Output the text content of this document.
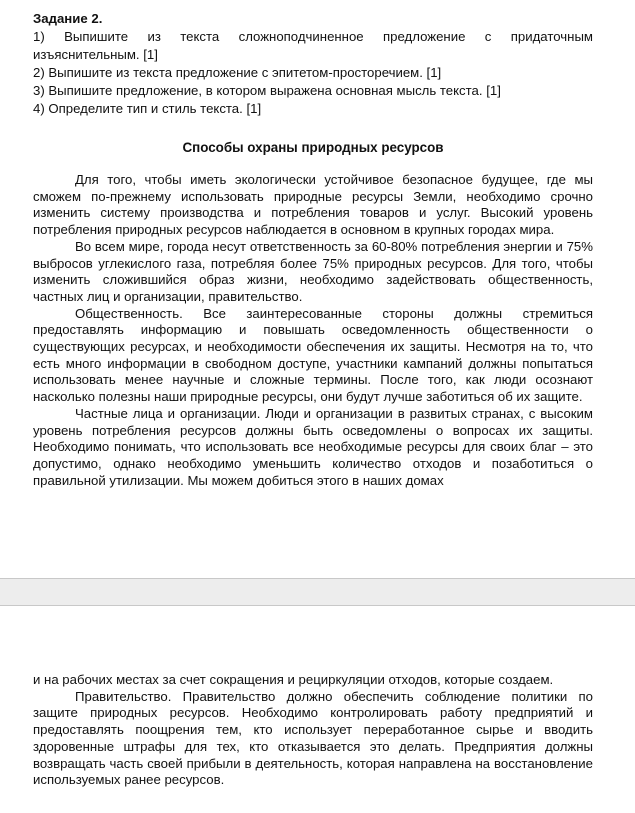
Задание 2.

1) Выпишите из текста сложноподчиненное предложение с придаточным изъяснительным. [1]

2) Выпишите из текста предложение с эпитетом-просторечием. [1]

3) Выпишите предложение, в котором выражена основная мысль текста. [1]

4) Определите тип и стиль текста. [1]

Способы охраны природных ресурсов

Для того, чтобы иметь экологически устойчивое безопасное будущее, где мы сможем по-прежнему использовать природные ресурсы Земли, необходимо срочно изменить систему производства и потребления товаров и услуг. Высокий уровень потребления природных ресурсов наблюдается в основном в крупных городах мира.

Во всем мире, города несут ответственность за 60-80% потребления энергии и 75% выбросов углекислого газа, потребляя более 75% природных ресурсов. Для того, чтобы изменить сложившийся образ жизни, необходимо задействовать общественность, частных лиц и организации, правительство.

Общественность. Все заинтересованные стороны должны стремиться предоставлять информацию и повышать осведомленность общественности о существующих ресурсах, и необходимости обеспечения их защиты. Несмотря на то, что есть много информации в свободном доступе, участники кампаний должны попытаться использовать менее научные и сложные термины. После того, как люди осознают насколько полезны наши природные ресурсы, они будут лучше заботиться об их защите.

Частные лица и организации. Люди и организации в развитых странах, с высоким уровень потребления ресурсов должны быть осведомлены о вопросах их защиты. Необходимо понимать, что использовать все необходимые ресурсы для своих благ – это допустимо, однако необходимо уменьшить количество отходов и позаботиться о правильной утилизации. Мы можем добиться этого в наших домах

и на рабочих местах за счет сокращения и рециркуляции отходов, которые создаем.

Правительство. Правительство должно обеспечить соблюдение политики по защите природных ресурсов. Необходимо контролировать работу предприятий и предоставлять поощрения тем, кто использует переработанное сырье и вводить здоровенные штрафы для тех, кто отказывается это делать. Предприятия должны возвращать часть своей прибыли в деятельность, которая направлена на восстановление используемых ранее ресурсов.
